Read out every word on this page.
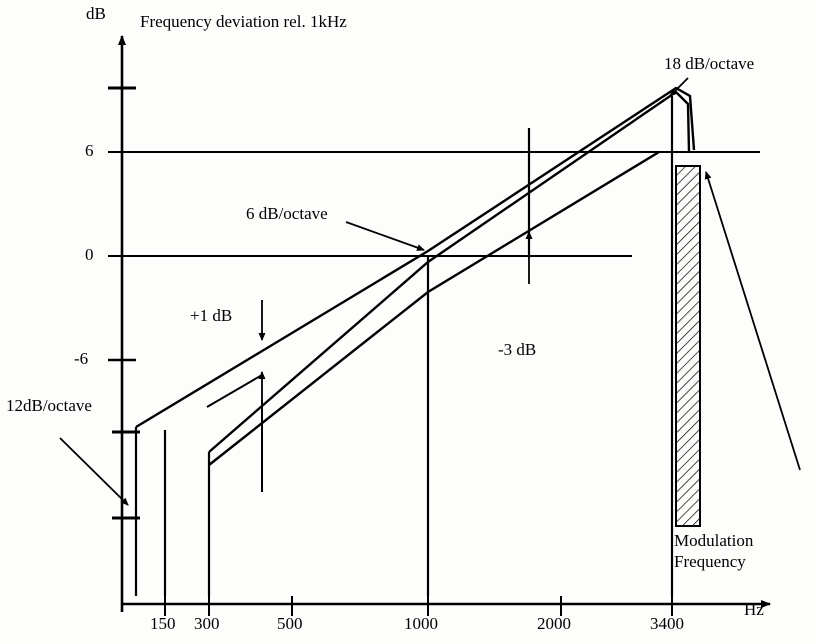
dB Frequency deviation rel. 1kHz
Hz
6
0
-6
150 300	500	1000	2000	3400
18 dB/octave
6 dB/octave
12dB/octave
+1 dB
-3 dB
Modulation
Frequency
